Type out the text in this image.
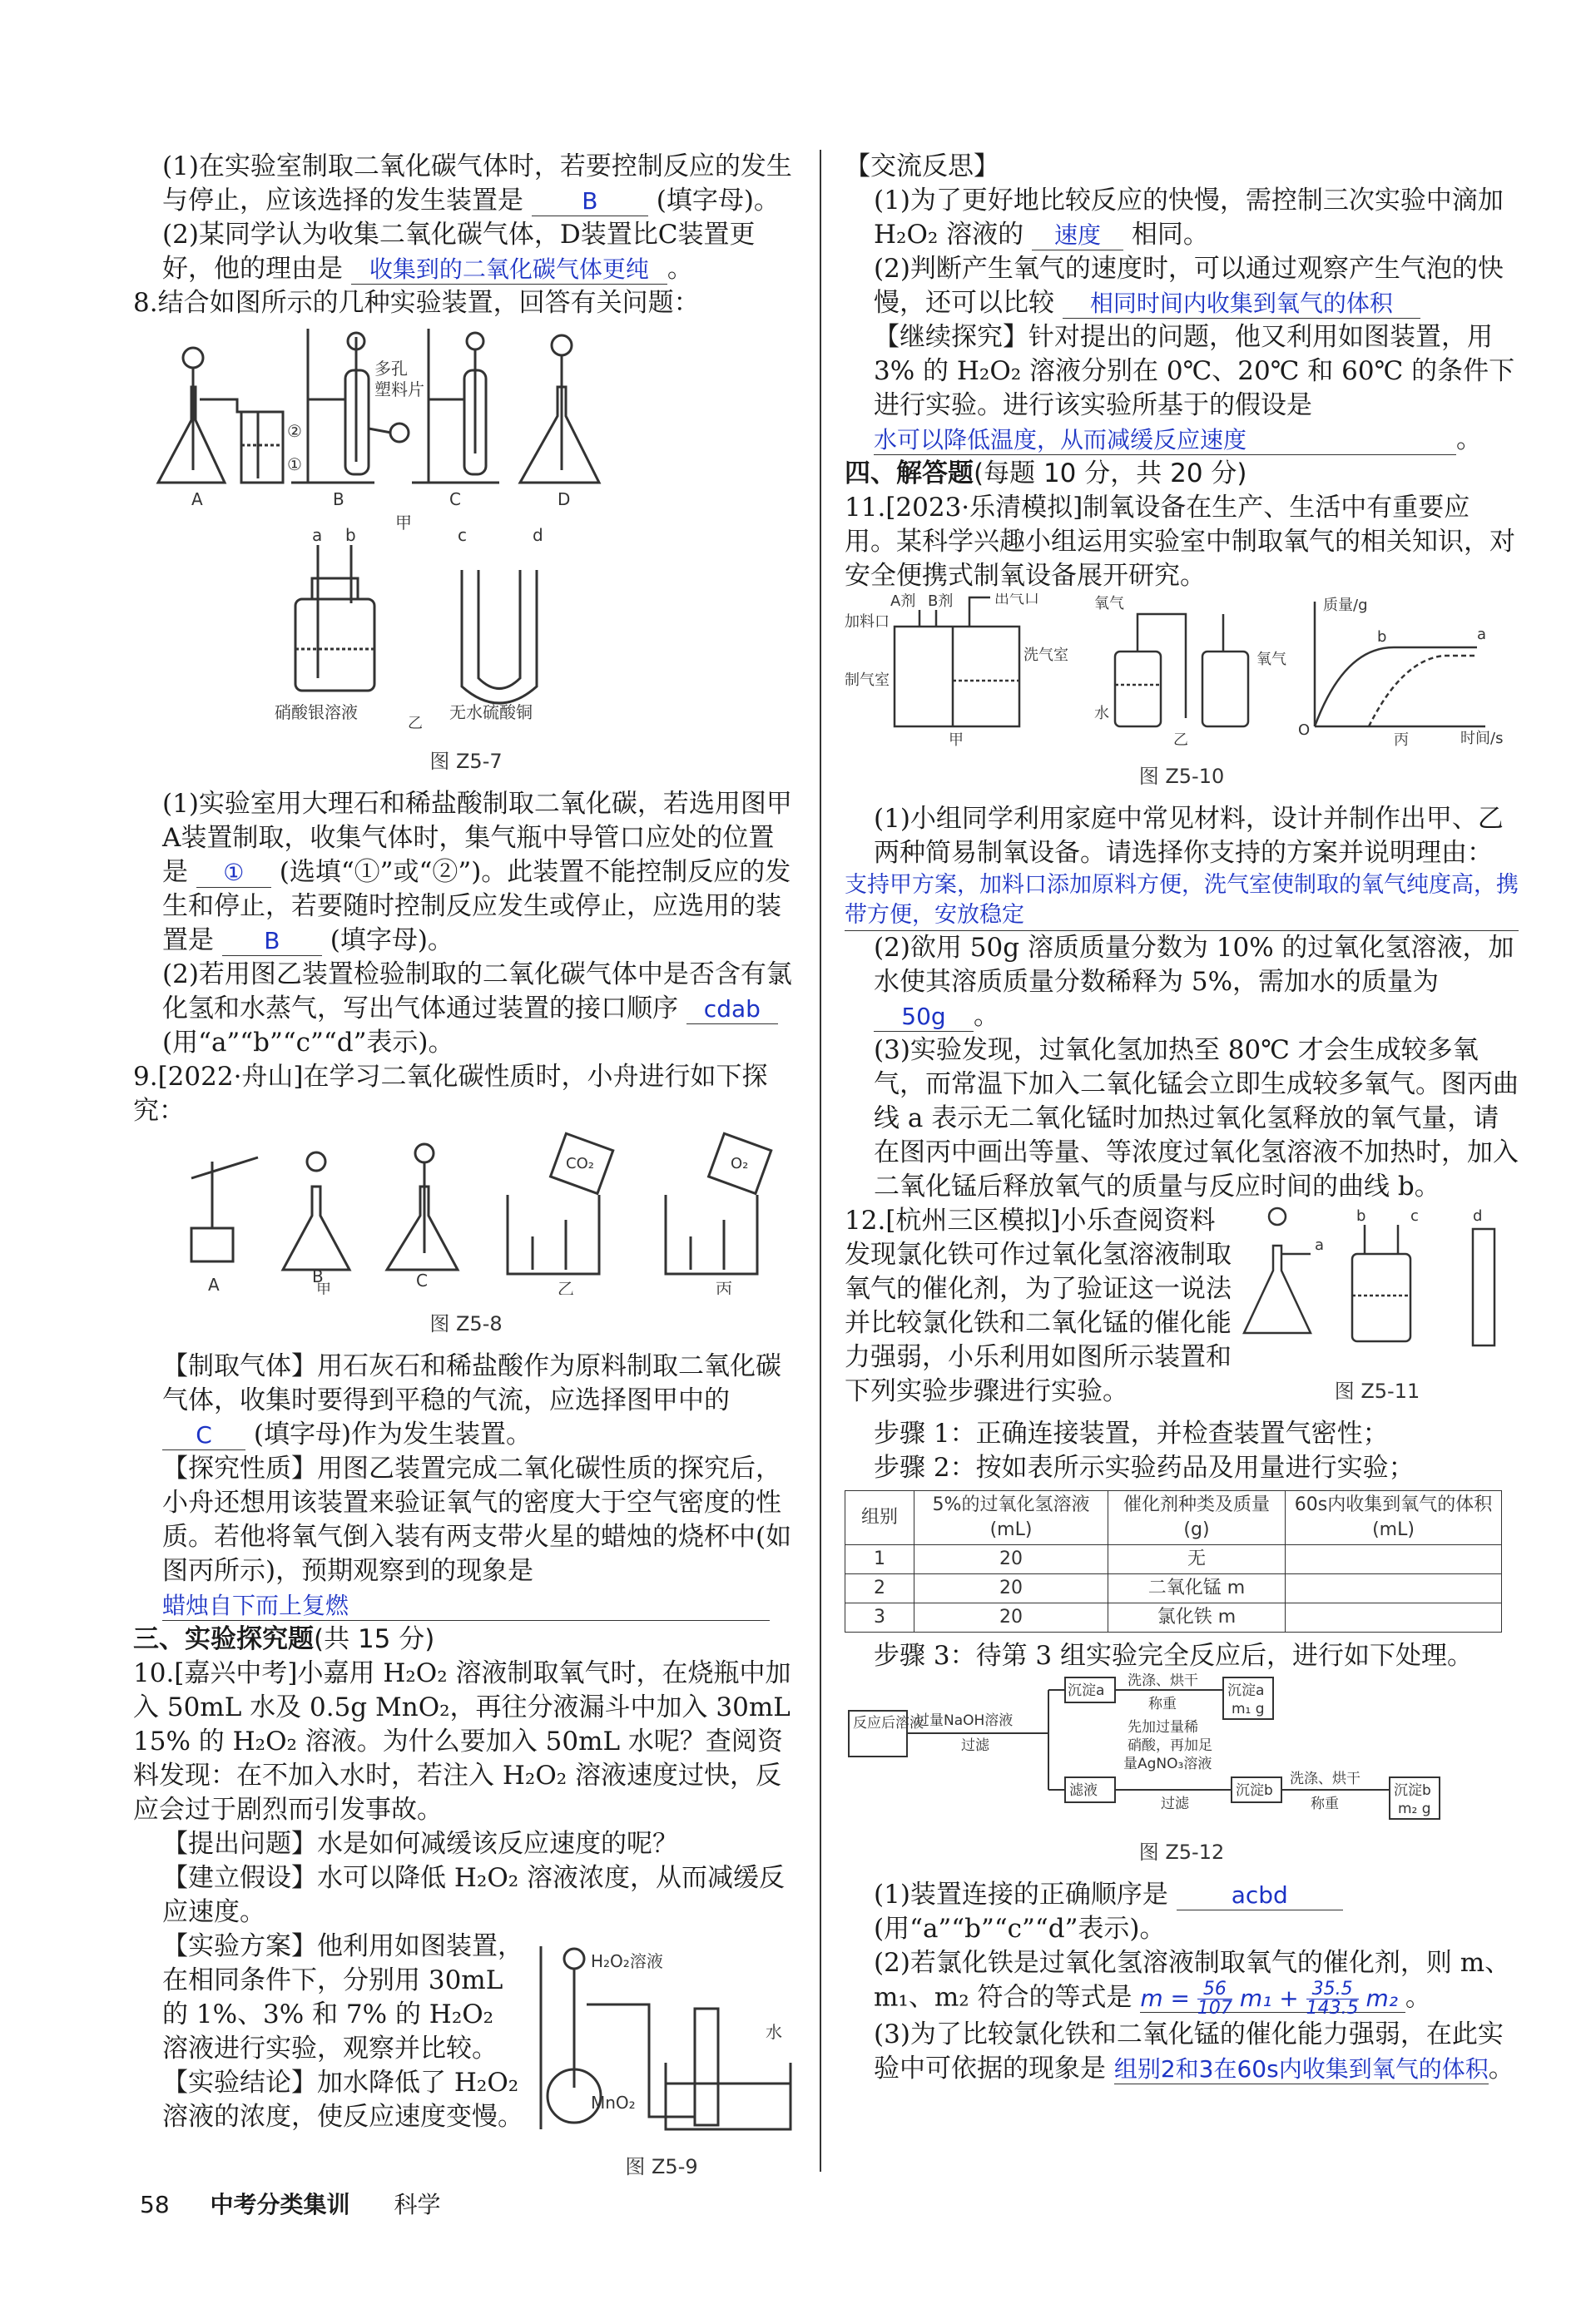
(1)在实验室制取二氧化碳气体时，若要控制反应的发生与停止，应该选择的发生装置是	B (填字母)。

(2)某同学认为收集二氧化碳气体，D装置比C装置更好，他的理由是 收集到的二氧化碳气体更纯 。

8.结合如图所示的几种实验装置，回答有关问题：

A	B	C	D
甲
多孔
塑料片
②
①
a b	c	d
硝酸银溶液	无水硫酸铜
乙
图 Z5-7

(1)实验室用大理石和稀盐酸制取二氧化碳，若选用图甲A装置制取，收集气体时，集气瓶中导管口应处的位置是 ① (选填“①”或“②”)。此装置不能控制反应的发生和停止，若要随时控制反应发生或停止，应选用的装置是 B (填字母)。

(2)若用图乙装置检验制取的二氧化碳气体中是否含有氯化氢和水蒸气，写出气体通过装置的接口顺序 cdab (用“a”“b”“c”“d”表示)。

9.[2022·舟山]在学习二氧化碳性质时，小舟进行如下探究：

A	B
甲	C	乙	丙
CO₂	O₂
图 Z5-8

【制取气体】用石灰石和稀盐酸作为原料制取二氧化碳气体，收集时要得到平稳的气流，应选择图甲中的 C (填字母)作为发生装置。

【探究性质】用图乙装置完成二氧化碳性质的探究后，小舟还想用该装置来验证氧气的密度大于空气密度的性质。若他将氧气倒入装有两支带火星的蜡烛的烧杯中(如图丙所示)，预期观察到的现象是 蜡烛自下而上复燃

三、实验探究题(共 15 分)

10.[嘉兴中考]小嘉用 H₂O₂ 溶液制取氧气时，在烧瓶中加入 50mL 水及 0.5g MnO₂，再往分液漏斗中加入 30mL 15% 的 H₂O₂ 溶液。为什么要加入 50mL 水呢？查阅资料发现：在不加入水时，若注入 H₂O₂ 溶液速度过快，反应会过于剧烈而引发事故。

【提出问题】水是如何减缓该反应速度的呢？

【建立假设】水可以降低 H₂O₂ 溶液浓度，从而减缓反应速度。

【实验方案】他利用如图装置，在相同条件下，分别用 30mL 的 1%、3% 和 7% 的 H₂O₂ 溶液进行实验，观察并比较。

【实验结论】加水降低了 H₂O₂ 溶液的浓度，使反应速度变慢。

H₂O₂溶液
水
MnO₂
图 Z5-9

【交流反思】

(1)为了更好地比较反应的快慢，需控制三次实验中滴加 H₂O₂ 溶液的 速度 相同。

(2)判断产生氧气的速度时，可以通过观察产生气泡的快慢，还可以比较 相同时间内收集到氧气的体积

【继续探究】针对提出的问题，他又利用如图装置，用 3% 的 H₂O₂ 溶液分别在 0℃、20℃ 和 60℃ 的条件下进行实验。进行该实验所基于的假设是 水可以降低温度，从而减缓反应速度	。

四、解答题(每题 10 分，共 20 分)

11.[2023·乐清模拟]制氧设备在生产、生活中有重要应用。某科学兴趣小组运用实验室中制取氧气的相关知识，对安全便携式制氧设备展开研究。

A剂 B剂	出气口
加料口
洗气室
制气室
氧气
氧气
水
质量/g
时间/s
O
b	a
甲	乙	丙
图 Z5-10

(1)小组同学利用家庭中常见材料，设计并制作出甲、乙两种简易制氧设备。请选择你支持的方案并说明理由：

支持甲方案，加料口添加原料方便，洗气室使制取的氧气纯度高，携带方便，安放稳定

(2)欲用 50g 溶质质量分数为 10% 的过氧化氢溶液，加水使其溶质质量分数稀释为 5%，需加水的质量为 50g 。

(3)实验发现，过氧化氢加热至 80℃ 才会生成较多氧气，而常温下加入二氧化锰会立即生成较多氧气。图丙曲线 a 表示无二氧化锰时加热过氧化氢释放的氧气量，请在图丙中画出等量、等浓度过氧化氢溶液不加热时，加入二氧化锰后释放氧气的质量与反应时间的曲线 b。

12.[杭州三区模拟]小乐查阅资料发现氯化铁可作过氧化氢溶液制取氧气的催化剂，为了验证这一说法并比较氯化铁和二氧化锰的催化能力强弱，小乐利用如图所示装置和下列实验步骤进行实验。

a
b	c	d
图 Z5-11

步骤 1：正确连接装置，并检查装置气密性；

步骤 2：按如表所示实验药品及用量进行实验；

组别	5%的过氧化氢溶液(mL)	催化剂种类及质量(g)	60s内收集到氧气的体积(mL)
1	20	无	
2	20	二氧化锰 m	
3	20	氯化铁 m	

步骤 3：待第 3 组实验完全反应后，进行如下处理。

反应后溶液
过量NaOH溶液
过滤
沉淀a
洗涤、烘干
称重
沉淀a
m₁ g
滤液
先加过量稀
硝酸，再加足
量AgNO₃溶液
过滤
沉淀b
洗涤、烘干
称重
沉淀b
m₂ g
图 Z5-12

(1)装置连接的正确顺序是	acbd (用“a”“b”“c”“d”表示)。

(2)若氯化铁是过氧化氢溶液制取氧气的催化剂，则 m、m₁、m₂ 符合的等式是 $m = \frac{56}{107} m_1 + \frac{35.5}{143.5} m_2$ 。

(3)为了比较氯化铁和二氧化锰的催化能力强弱，在此实验中可依据的现象是 组别2和3在60s内收集到氧气的体积。

58 中考分类集训 科学
